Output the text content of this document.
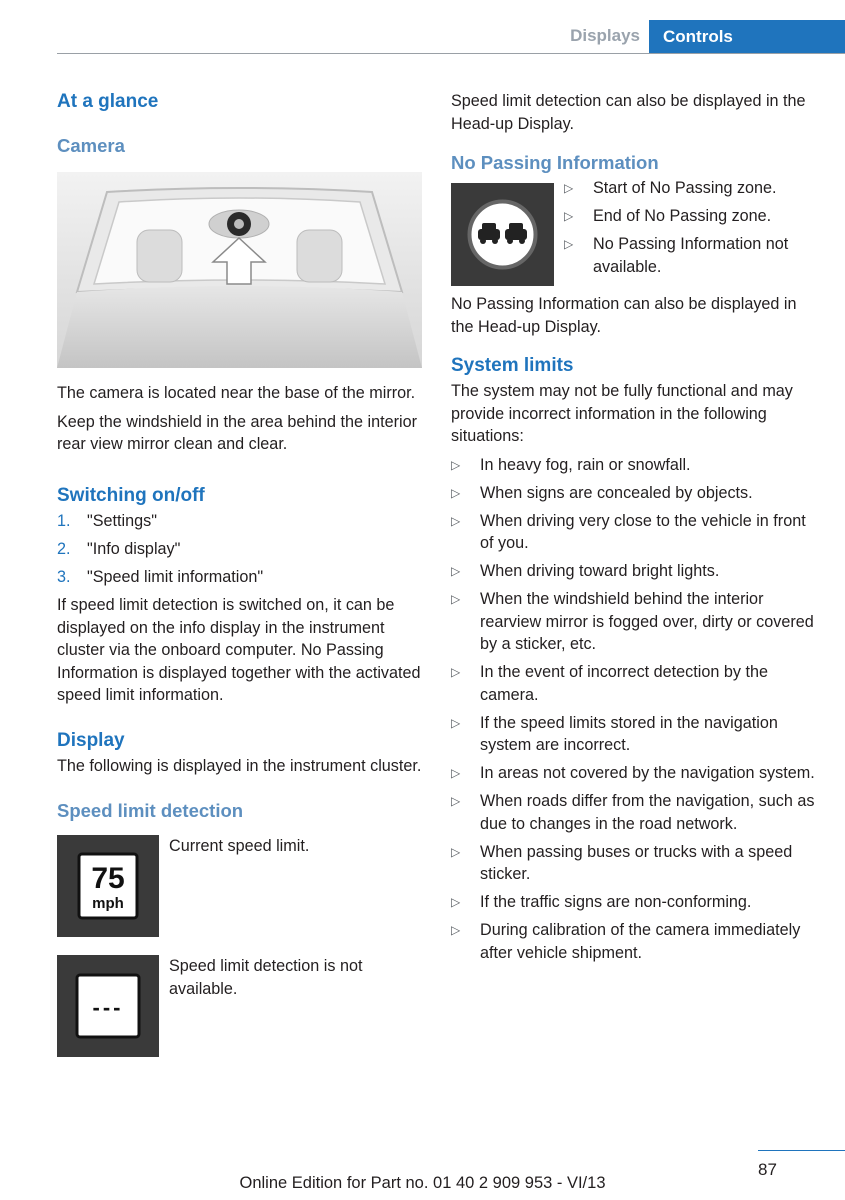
Displays	Controls
At a glance
Camera

The camera is located near the base of the mirror.

Keep the windshield in the area behind the interior rear view mirror clean and clear.

Switching on/off
1. "Settings"
2. "Info display"
3. "Speed limit information"

If speed limit detection is switched on, it can be displayed on the info display in the instrument cluster via the onboard computer. No Passing Information is displayed together with the activated speed limit information.

Display

The following is displayed in the instrument cluster.

Speed limit detection
75
mph
Current speed limit.
---
Speed limit detection is not available.

Speed limit detection can also be displayed in the Head-up Display.

No Passing Information
▷ Start of No Passing zone.
▷ End of No Passing zone.
▷ No Passing Information not available.

No Passing Information can also be displayed in the Head-up Display.

System limits

The system may not be fully functional and may provide incorrect information in the following situations:

▷ In heavy fog, rain or snowfall.
▷ When signs are concealed by objects.
▷ When driving very close to the vehicle in front of you.
▷ When driving toward bright lights.
▷ When the windshield behind the interior rearview mirror is fogged over, dirty or covered by a sticker, etc.
▷ In the event of incorrect detection by the camera.
▷ If the speed limits stored in the navigation system are incorrect.
▷ In areas not covered by the navigation system.
▷ When roads differ from the navigation, such as due to changes in the road network.
▷ When passing buses or trucks with a speed sticker.
▷ If the traffic signs are non-conforming.
▷ During calibration of the camera immediately after vehicle shipment.
87
Online Edition for Part no. 01 40 2 909 953 - VI/13
